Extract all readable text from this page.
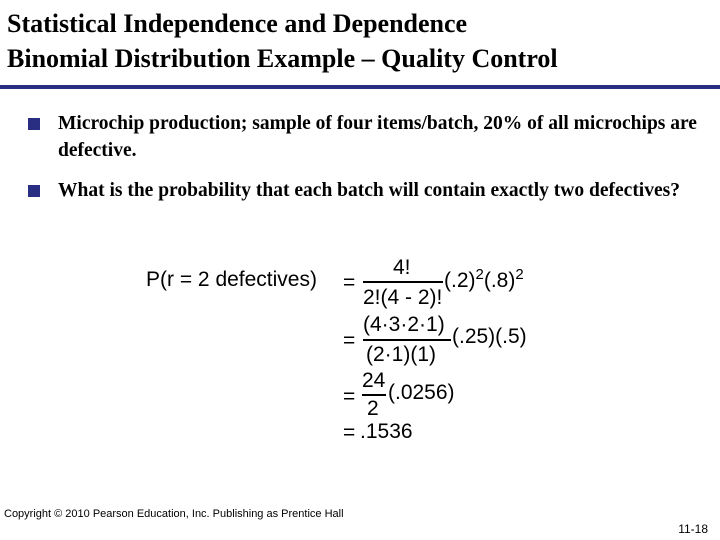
Statistical Independence and Dependence
Binomial Distribution Example – Quality Control
Microchip production; sample of four items/batch, 20% of all microchips are defective.
What is the probability that each batch will contain exactly two defectives?
P(r = 2 defectives) =
4!
2!(4 - 2)!
$(.2)^2(.8)^2$
=
(4·3·2·1)
(2·1)(1)
(.25)(.5)
=
24
2
(.0256)
= .1536
Copyright © 2010 Pearson Education, Inc. Publishing as Prentice Hall
11-18
